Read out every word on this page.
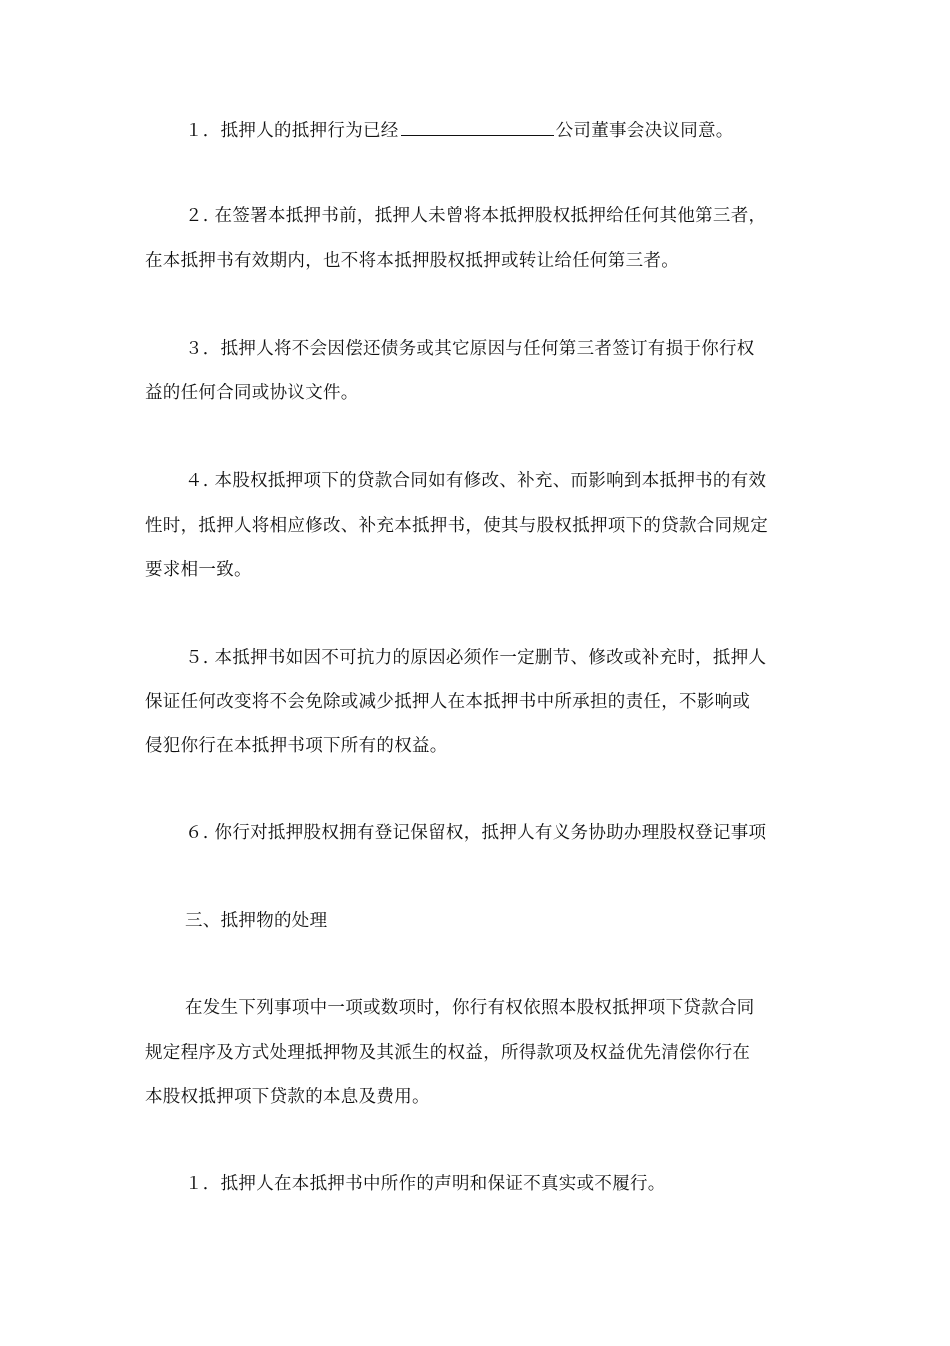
１．抵押人的抵押行为已经	公司董事会决议同意。
２. 在签署本抵押书前，抵押人未曾将本抵押股权抵押给任何其他第三者，
在本抵押书有效期内，也不将本抵押股权抵押或转让给任何第三者。
３．抵押人将不会因偿还债务或其它原因与任何第三者签订有损于你行权
益的任何合同或协议文件。
４. 本股权抵押项下的贷款合同如有修改、补充、而影响到本抵押书的有效
性时，抵押人将相应修改、补充本抵押书，使其与股权抵押项下的贷款合同规定
要求相一致。
５. 本抵押书如因不可抗力的原因必须作一定删节、修改或补充时，抵押人
保证任何改变将不会免除或减少抵押人在本抵押书中所承担的责任，不影响或
侵犯你行在本抵押书项下所有的权益。
６. 你行对抵押股权拥有登记保留权，抵押人有义务协助办理股权登记事项
三、抵押物的处理
在发生下列事项中一项或数项时，你行有权依照本股权抵押项下贷款合同
规定程序及方式处理抵押物及其派生的权益，所得款项及权益优先清偿你行在
本股权抵押项下贷款的本息及费用。
１．抵押人在本抵押书中所作的声明和保证不真实或不履行。
